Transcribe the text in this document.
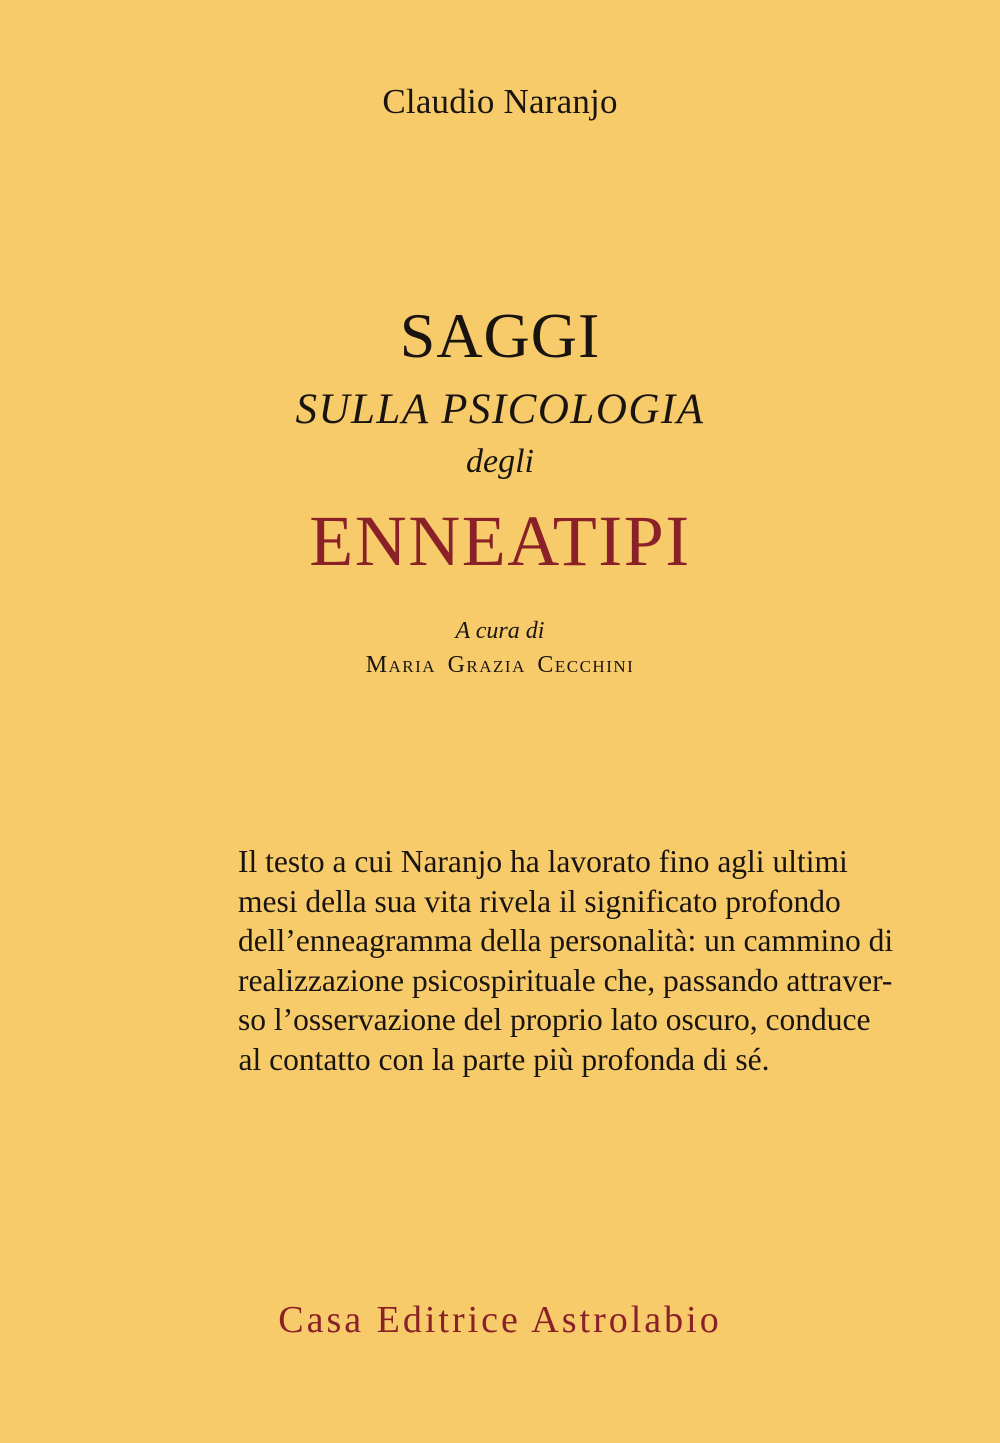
Claudio Naranjo
SAGGI
SULLA PSICOLOGIA
degli
ENNEATIPI
A cura di
Maria Grazia Cecchini
Il testo a cui Naranjo ha lavorato fino agli ultimi
mesi della sua vita rivela il significato profondo
dell’enneagramma della personalità: un cammino di
realizzazione psicospirituale che, passando attraver-
so l’osservazione del proprio lato oscuro, conduce
al contatto con la parte più profonda di sé.
Casa Editrice Astrolabio
